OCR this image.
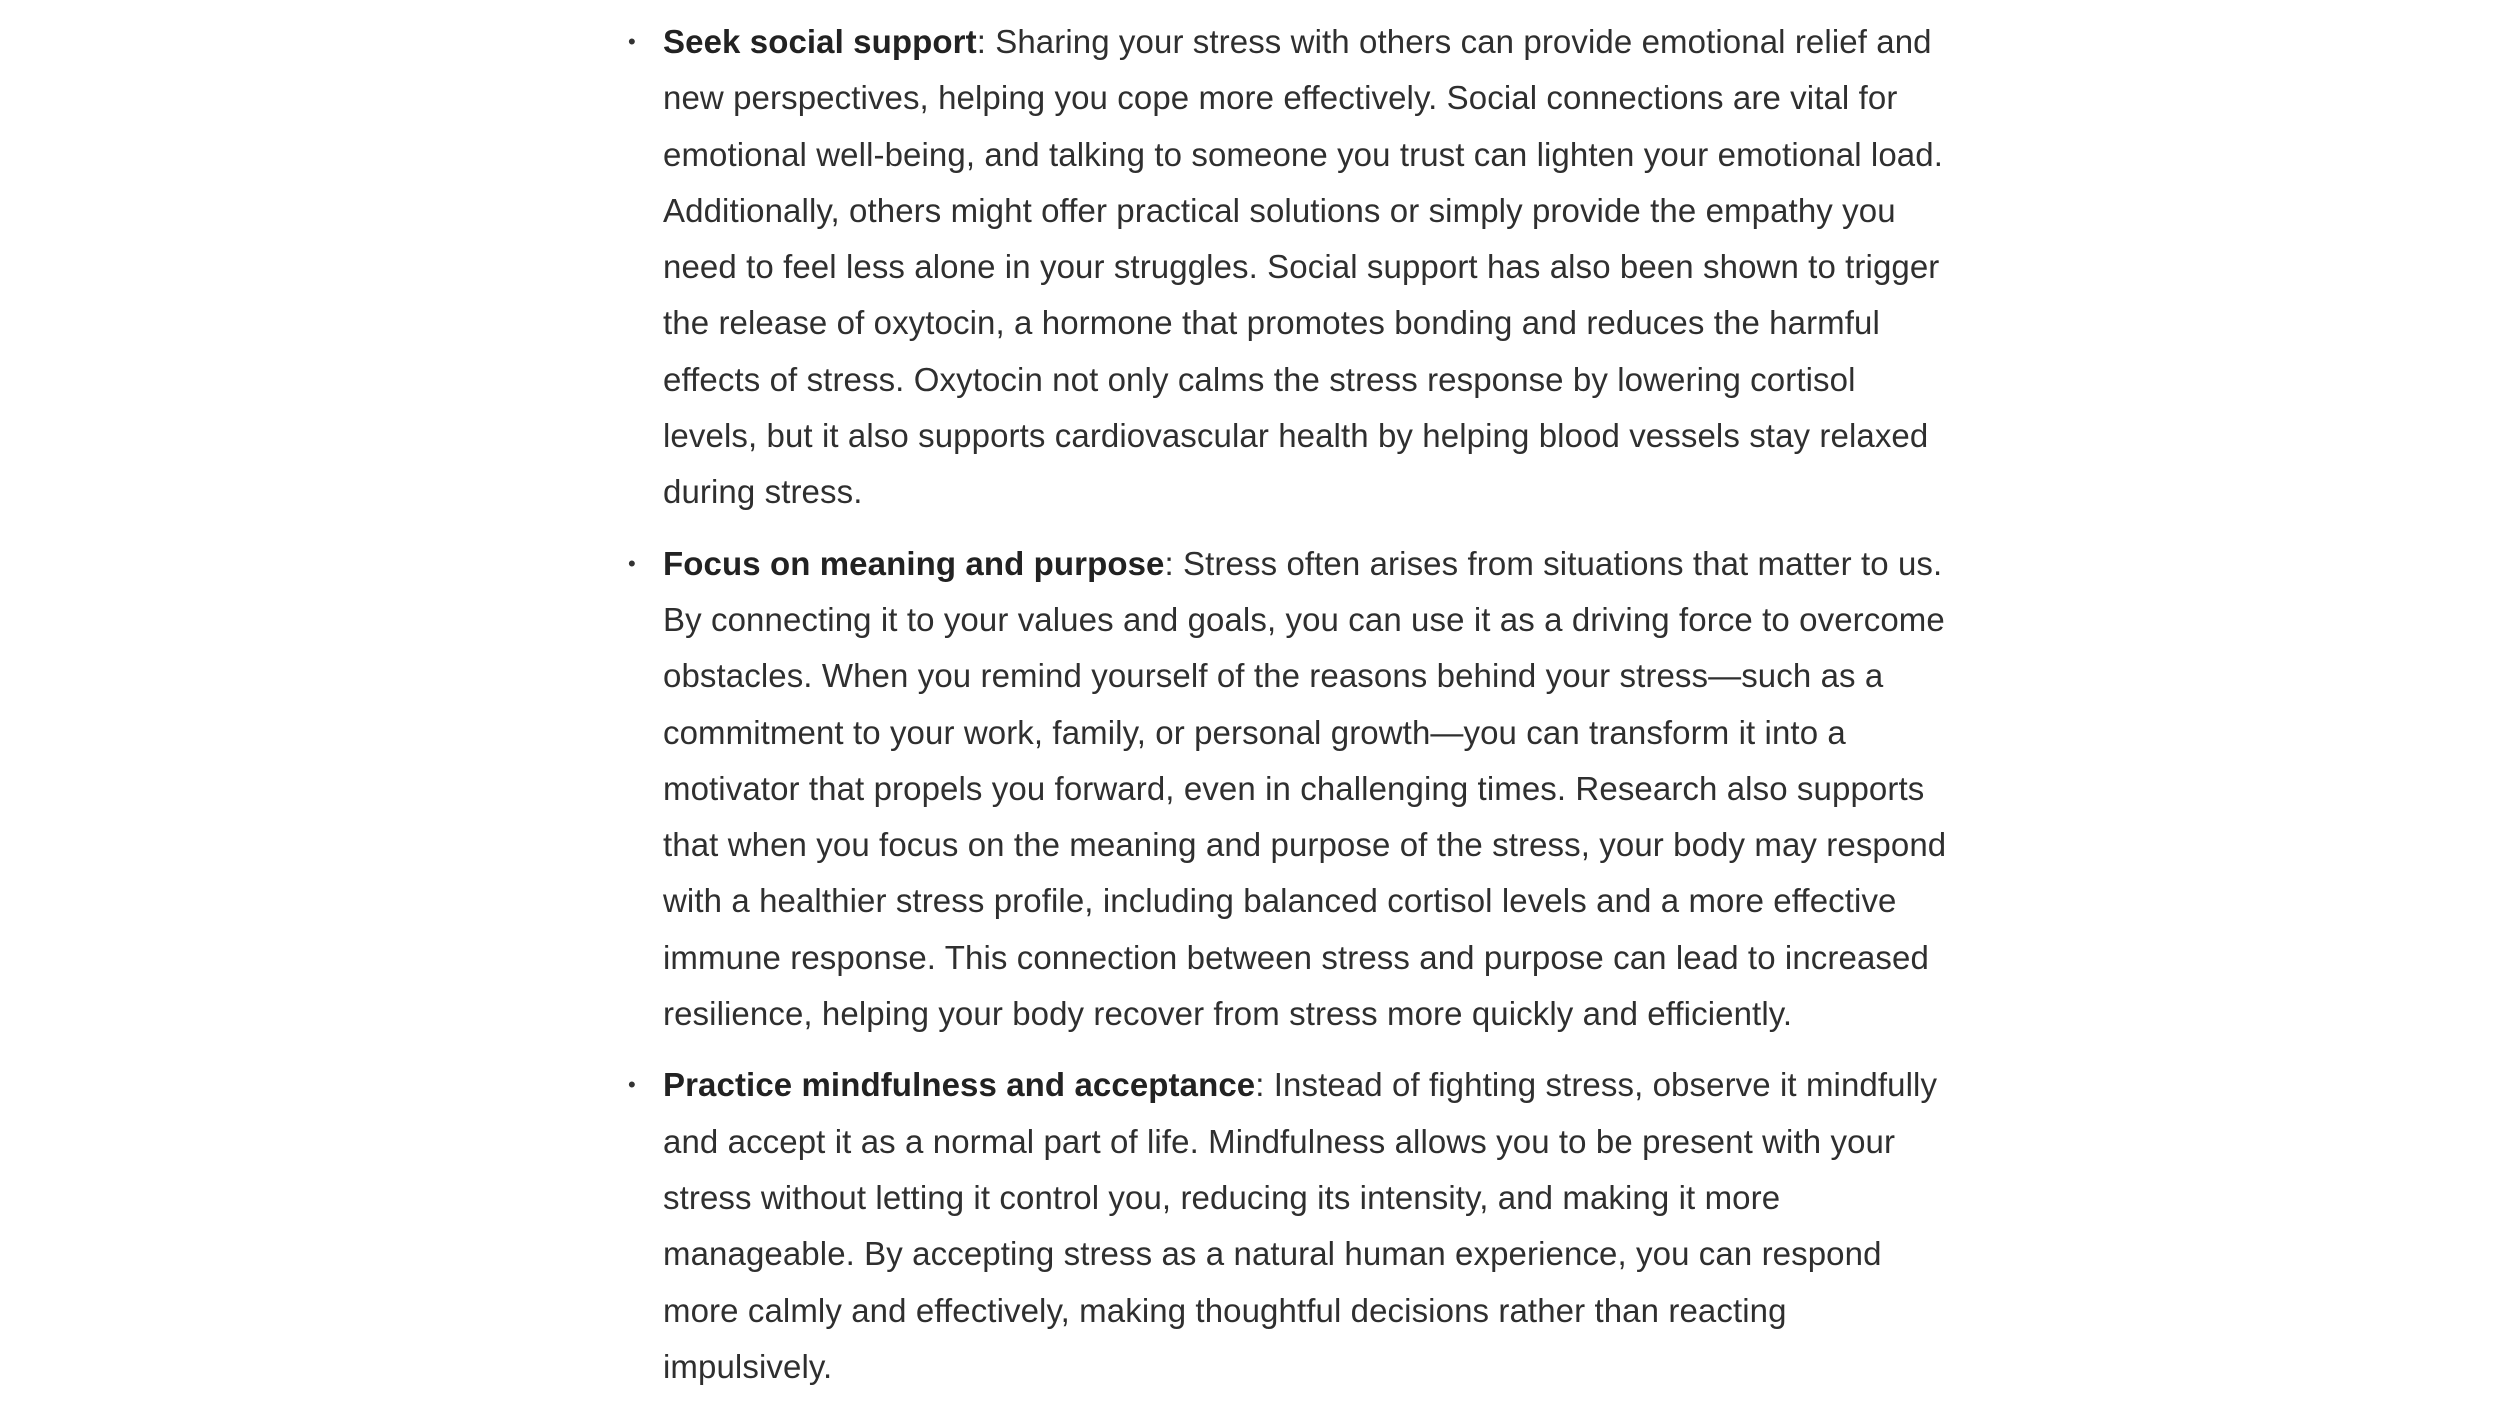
• Seek social support: Sharing your stress with others can provide emotional relief and new perspectives, helping you cope more effectively. Social connections are vital for emotional well-being, and talking to someone you trust can lighten your emotional load. Additionally, others might offer practical solutions or simply provide the empathy you need to feel less alone in your struggles. Social support has also been shown to trigger the release of oxytocin, a hormone that promotes bonding and reduces the harmful effects of stress. Oxytocin not only calms the stress response by lowering cortisol levels, but it also supports cardiovascular health by helping blood vessels stay relaxed during stress.
• Focus on meaning and purpose: Stress often arises from situations that matter to us. By connecting it to your values and goals, you can use it as a driving force to overcome obstacles. When you remind yourself of the reasons behind your stress—such as a commitment to your work, family, or personal growth—you can transform it into a motivator that propels you forward, even in challenging times. Research also supports that when you focus on the meaning and purpose of the stress, your body may respond with a healthier stress profile, including balanced cortisol levels and a more effective immune response. This connection between stress and purpose can lead to increased resilience, helping your body recover from stress more quickly and efficiently.
• Practice mindfulness and acceptance: Instead of fighting stress, observe it mindfully and accept it as a normal part of life. Mindfulness allows you to be present with your stress without letting it control you, reducing its intensity, and making it more manageable. By accepting stress as a natural human experience, you can respond more calmly and effectively, making thoughtful decisions rather than reacting impulsively.
